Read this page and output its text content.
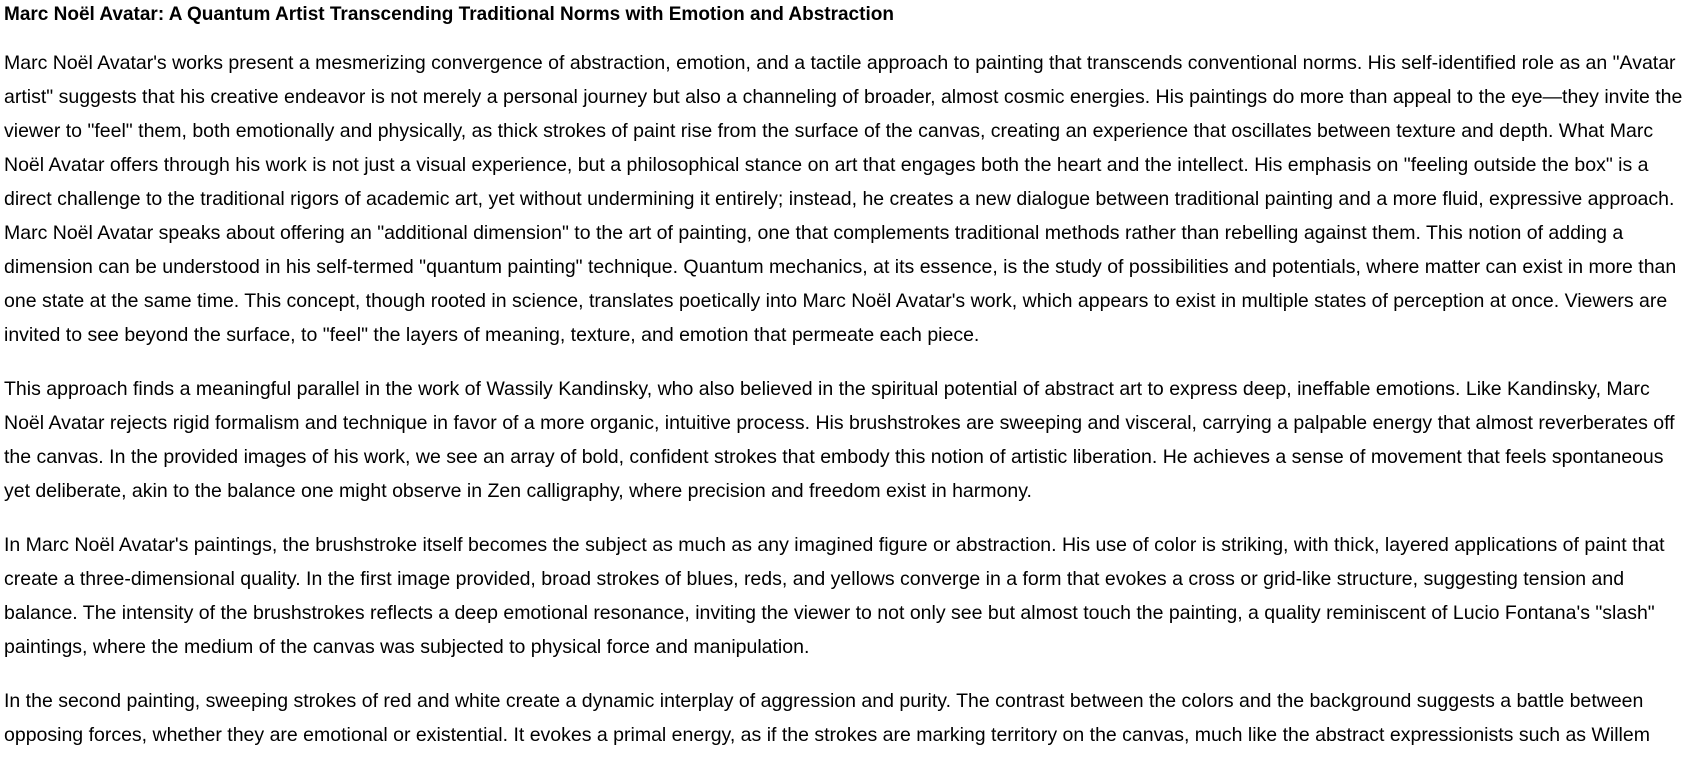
Marc Noël Avatar: A Quantum Artist Transcending Traditional Norms with Emotion and Abstraction

Marc Noël Avatar's works present a mesmerizing convergence of abstraction, emotion, and a tactile approach to painting that transcends conventional norms. His self-identified role as an "Avatar artist" suggests that his creative endeavor is not merely a personal journey but also a channeling of broader, almost cosmic energies. His paintings do more than appeal to the eye—they invite the viewer to "feel" them, both emotionally and physically, as thick strokes of paint rise from the surface of the canvas, creating an experience that oscillates between texture and depth. What Marc Noël Avatar offers through his work is not just a visual experience, but a philosophical stance on art that engages both the heart and the intellect. His emphasis on "feeling outside the box" is a direct challenge to the traditional rigors of academic art, yet without undermining it entirely; instead, he creates a new dialogue between traditional painting and a more fluid, expressive approach. Marc Noël Avatar speaks about offering an "additional dimension" to the art of painting, one that complements traditional methods rather than rebelling against them. This notion of adding a dimension can be understood in his self-termed "quantum painting" technique. Quantum mechanics, at its essence, is the study of possibilities and potentials, where matter can exist in more than one state at the same time. This concept, though rooted in science, translates poetically into Marc Noël Avatar's work, which appears to exist in multiple states of perception at once. Viewers are invited to see beyond the surface, to "feel" the layers of meaning, texture, and emotion that permeate each piece.

This approach finds a meaningful parallel in the work of Wassily Kandinsky, who also believed in the spiritual potential of abstract art to express deep, ineffable emotions. Like Kandinsky, Marc Noël Avatar rejects rigid formalism and technique in favor of a more organic, intuitive process. His brushstrokes are sweeping and visceral, carrying a palpable energy that almost reverberates off the canvas. In the provided images of his work, we see an array of bold, confident strokes that embody this notion of artistic liberation. He achieves a sense of movement that feels spontaneous yet deliberate, akin to the balance one might observe in Zen calligraphy, where precision and freedom exist in harmony.

In Marc Noël Avatar's paintings, the brushstroke itself becomes the subject as much as any imagined figure or abstraction. His use of color is striking, with thick, layered applications of paint that create a three-dimensional quality. In the first image provided, broad strokes of blues, reds, and yellows converge in a form that evokes a cross or grid-like structure, suggesting tension and balance. The intensity of the brushstrokes reflects a deep emotional resonance, inviting the viewer to not only see but almost touch the painting, a quality reminiscent of Lucio Fontana's "slash" paintings, where the medium of the canvas was subjected to physical force and manipulation.

In the second painting, sweeping strokes of red and white create a dynamic interplay of aggression and purity. The contrast between the colors and the background suggests a battle between opposing forces, whether they are emotional or existential. It evokes a primal energy, as if the strokes are marking territory on the canvas, much like the abstract expressionists such as Willem
